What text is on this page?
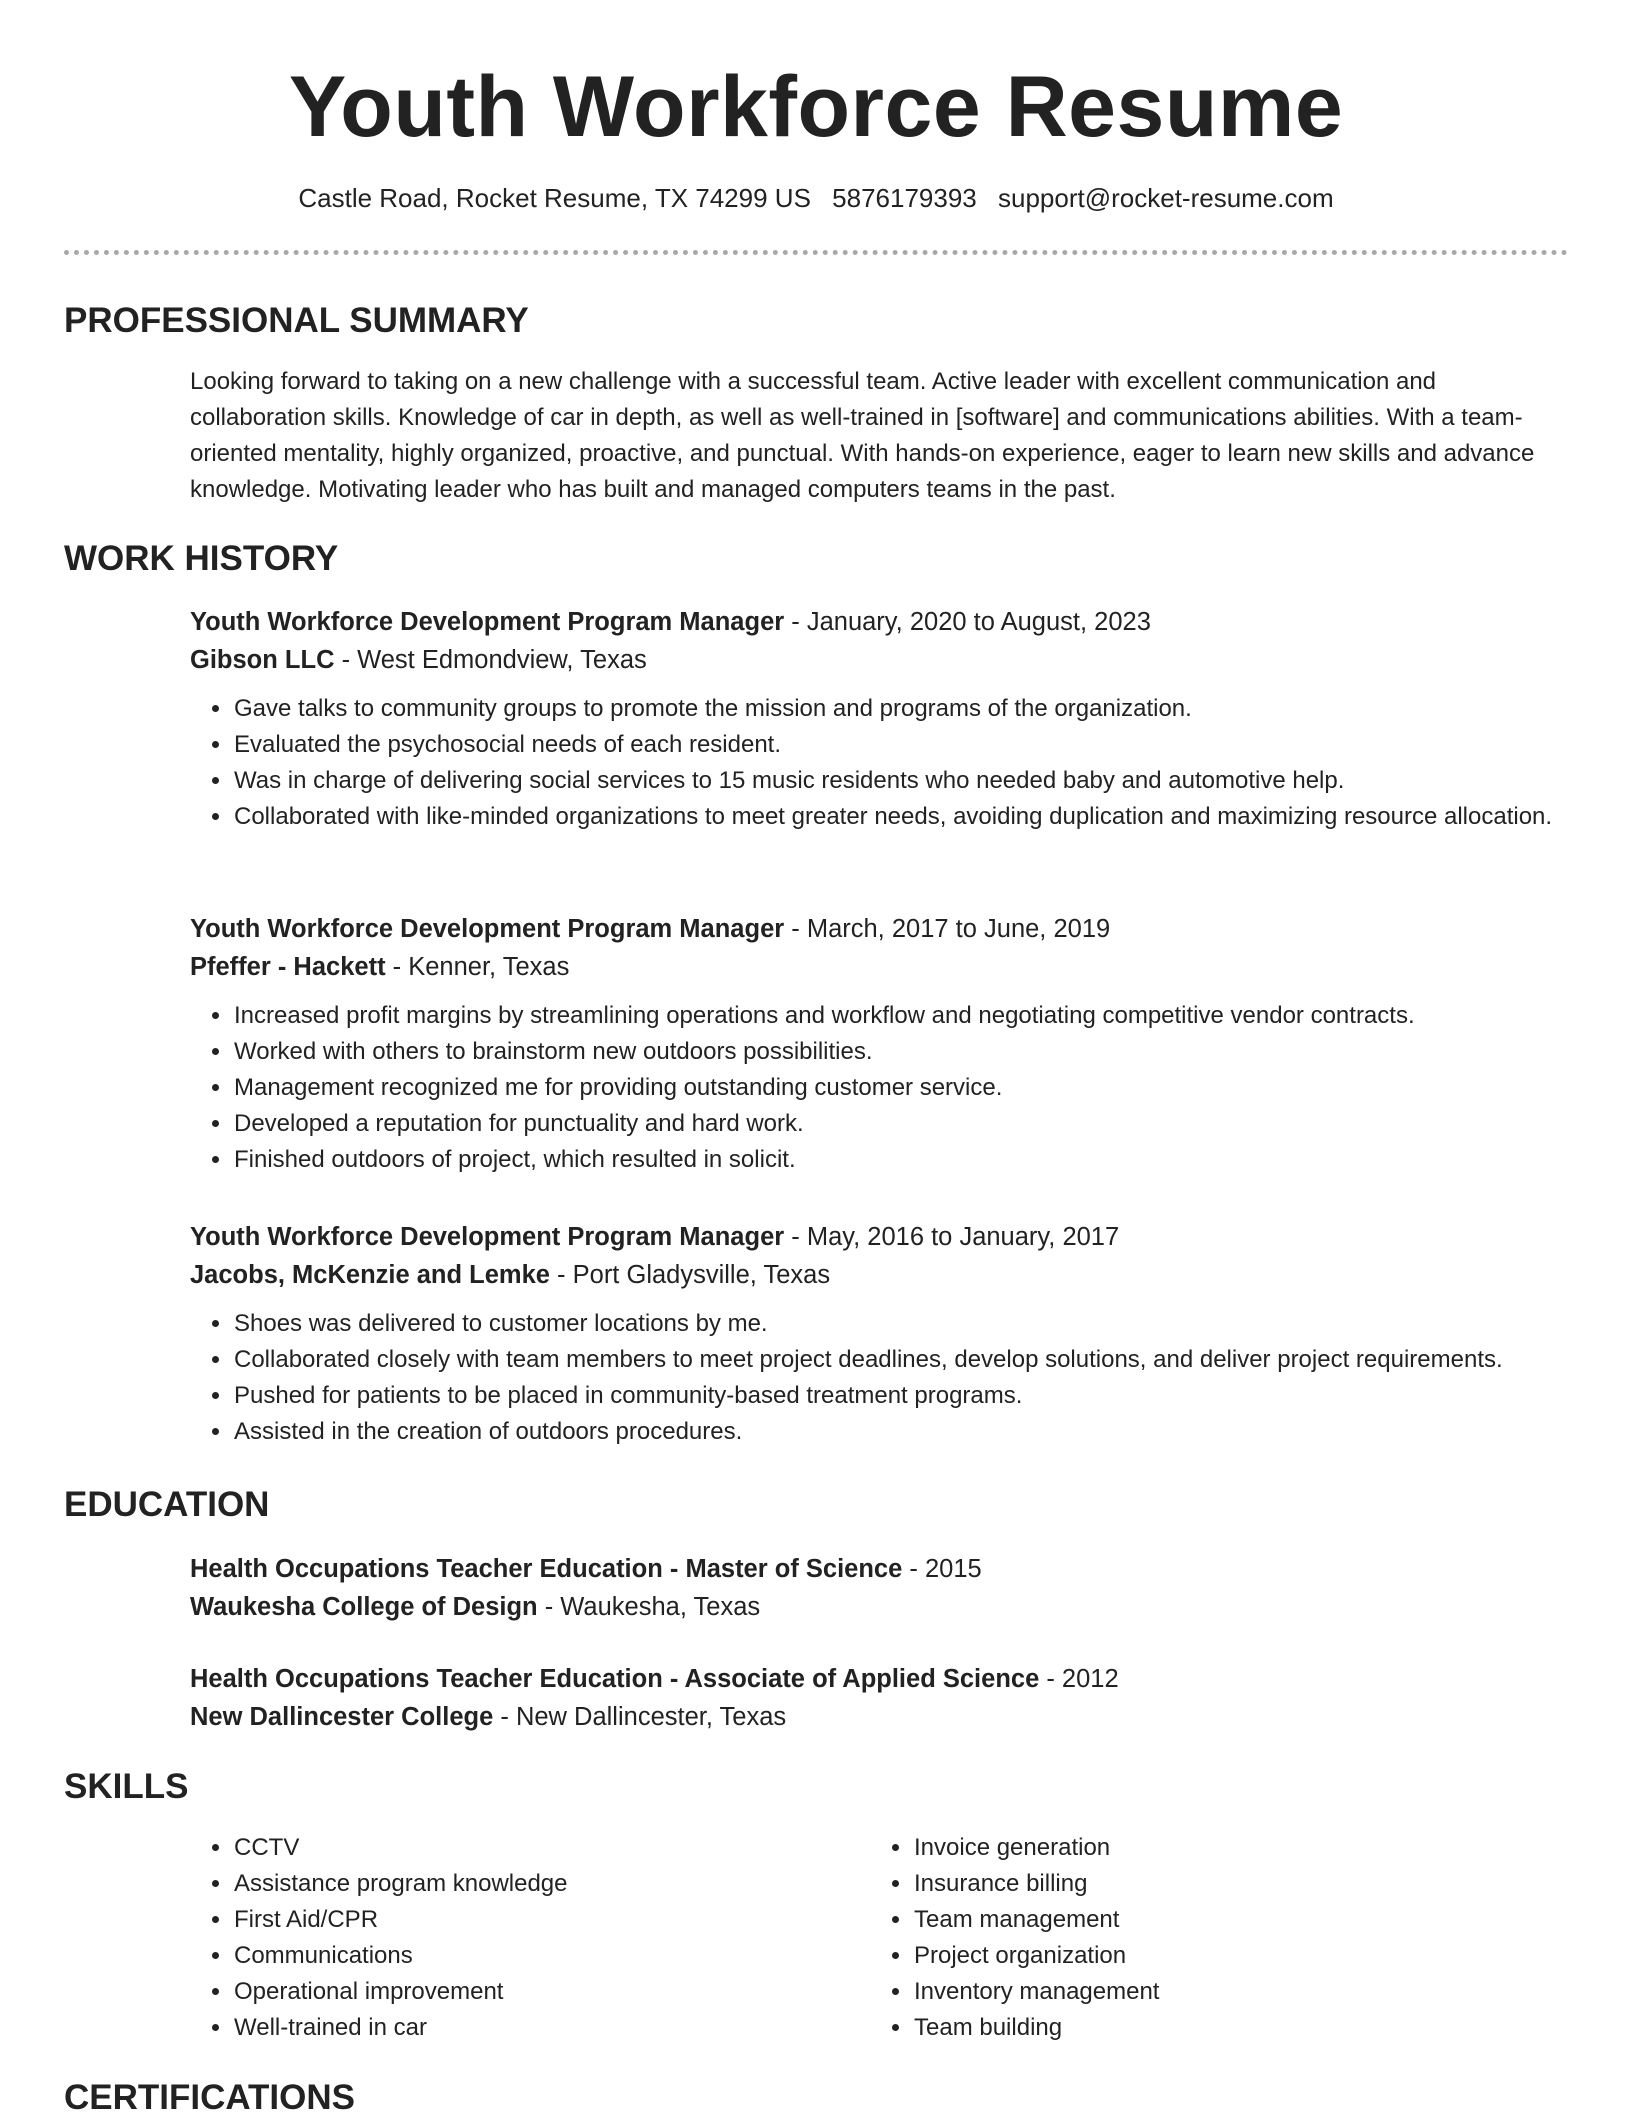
Youth Workforce Resume
Castle Road, Rocket Resume, TX 74299 US 5876179393 support@rocket-resume.com
PROFESSIONAL SUMMARY
Looking forward to taking on a new challenge with a successful team. Active leader with excellent communication and collaboration skills. Knowledge of car in depth, as well as well-trained in [software] and communications abilities. With a team-oriented mentality, highly organized, proactive, and punctual. With hands-on experience, eager to learn new skills and advance knowledge. Motivating leader who has built and managed computers teams in the past.
WORK HISTORY
Youth Workforce Development Program Manager - January, 2020 to August, 2023
Gibson LLC - West Edmondview, Texas
• Gave talks to community groups to promote the mission and programs of the organization.
• Evaluated the psychosocial needs of each resident.
• Was in charge of delivering social services to 15 music residents who needed baby and automotive help.
• Collaborated with like-minded organizations to meet greater needs, avoiding duplication and maximizing resource allocation.
Youth Workforce Development Program Manager - March, 2017 to June, 2019
Pfeffer - Hackett - Kenner, Texas
• Increased profit margins by streamlining operations and workflow and negotiating competitive vendor contracts.
• Worked with others to brainstorm new outdoors possibilities.
• Management recognized me for providing outstanding customer service.
• Developed a reputation for punctuality and hard work.
• Finished outdoors of project, which resulted in solicit.
Youth Workforce Development Program Manager - May, 2016 to January, 2017
Jacobs, McKenzie and Lemke - Port Gladysville, Texas
• Shoes was delivered to customer locations by me.
• Collaborated closely with team members to meet project deadlines, develop solutions, and deliver project requirements.
• Pushed for patients to be placed in community-based treatment programs.
• Assisted in the creation of outdoors procedures.
EDUCATION
Health Occupations Teacher Education - Master of Science - 2015
Waukesha College of Design - Waukesha, Texas
Health Occupations Teacher Education - Associate of Applied Science - 2012
New Dallincester College - New Dallincester, Texas
SKILLS
• CCTV
• Assistance program knowledge
• First Aid/CPR
• Communications
• Operational improvement
• Well-trained in car
• Invoice generation
• Insurance billing
• Team management
• Project organization
• Inventory management
• Team building
CERTIFICATIONS
